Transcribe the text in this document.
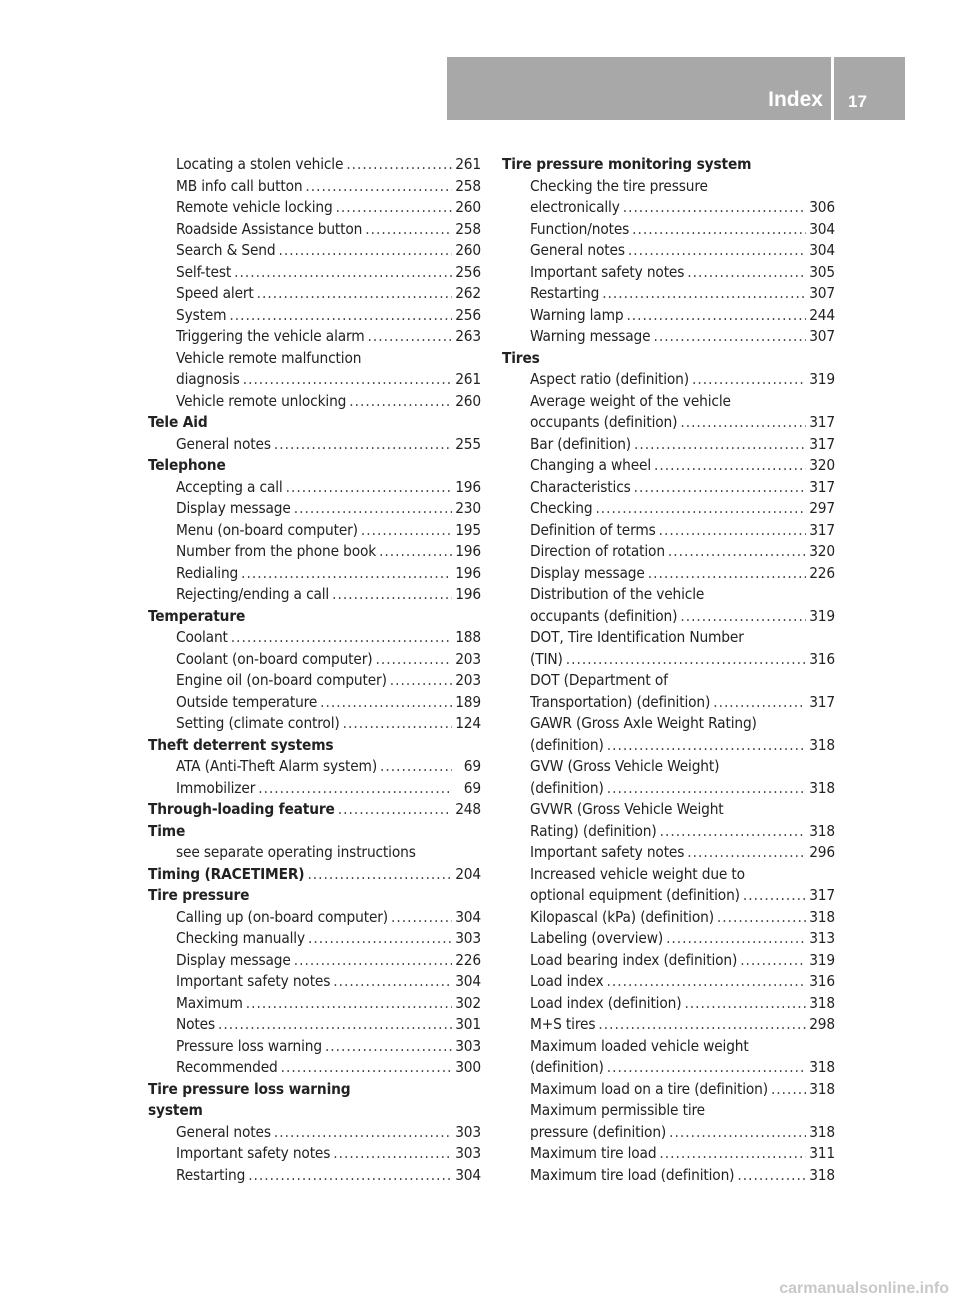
Index 17
Locating a stolen vehicle .....	261
MB info call button .....	258
Remote vehicle locking .....	260
Roadside Assistance button .....	258
Search & Send .....	260
Self-test .....	256
Speed alert .....	262
System .....	256
Triggering the vehicle alarm .....	263
Vehicle remote malfunction
diagnosis .....	261
Vehicle remote unlocking .....	260
Tele Aid
General notes .....	255
Telephone
Accepting a call .....	196
Display message .....	230
Menu (on-board computer) .....	195
Number from the phone book .....	196
Redialing .....	196
Rejecting/ending a call .....	196
Temperature
Coolant .....	188
Coolant (on-board computer) .....	203
Engine oil (on-board computer) .....	203
Outside temperature .....	189
Setting (climate control) .....	124
Theft deterrent systems
ATA (Anti-Theft Alarm system) .....	69
Immobilizer .....	69
Through-loading feature .....	248
Time
see separate operating instructions
Timing (RACETIMER) .....	204
Tire pressure
Calling up (on-board computer) .....	304
Checking manually .....	303
Display message .....	226
Important safety notes .....	304
Maximum .....	302
Notes .....	301
Pressure loss warning .....	303
Recommended .....	300
Tire pressure loss warning
system
General notes .....	303
Important safety notes .....	303
Restarting .....	304
Tire pressure monitoring system
Checking the tire pressure
electronically .....	306
Function/notes .....	304
General notes .....	304
Important safety notes .....	305
Restarting .....	307
Warning lamp .....	244
Warning message .....	307
Tires
Aspect ratio (definition) .....	319
Average weight of the vehicle
occupants (definition) .....	317
Bar (definition) .....	317
Changing a wheel .....	320
Characteristics .....	317
Checking .....	297
Definition of terms .....	317
Direction of rotation .....	320
Display message .....	226
Distribution of the vehicle
occupants (definition) .....	319
DOT, Tire Identification Number
(TIN) .....	316
DOT (Department of
Transportation) (definition) .....	317
GAWR (Gross Axle Weight Rating)
(definition) .....	318
GVW (Gross Vehicle Weight)
(definition) .....	318
GVWR (Gross Vehicle Weight
Rating) (definition) .....	318
Important safety notes .....	296
Increased vehicle weight due to
optional equipment (definition) .....	317
Kilopascal (kPa) (definition) .....	318
Labeling (overview) .....	313
Load bearing index (definition) .....	319
Load index .....	316
Load index (definition) .....	318
M+S tires .....	298
Maximum loaded vehicle weight
(definition) .....	318
Maximum load on a tire (definition) .....	318
Maximum permissible tire
pressure (definition) .....	318
Maximum tire load .....	311
Maximum tire load (definition) .....	318
carmanualsonline.info
